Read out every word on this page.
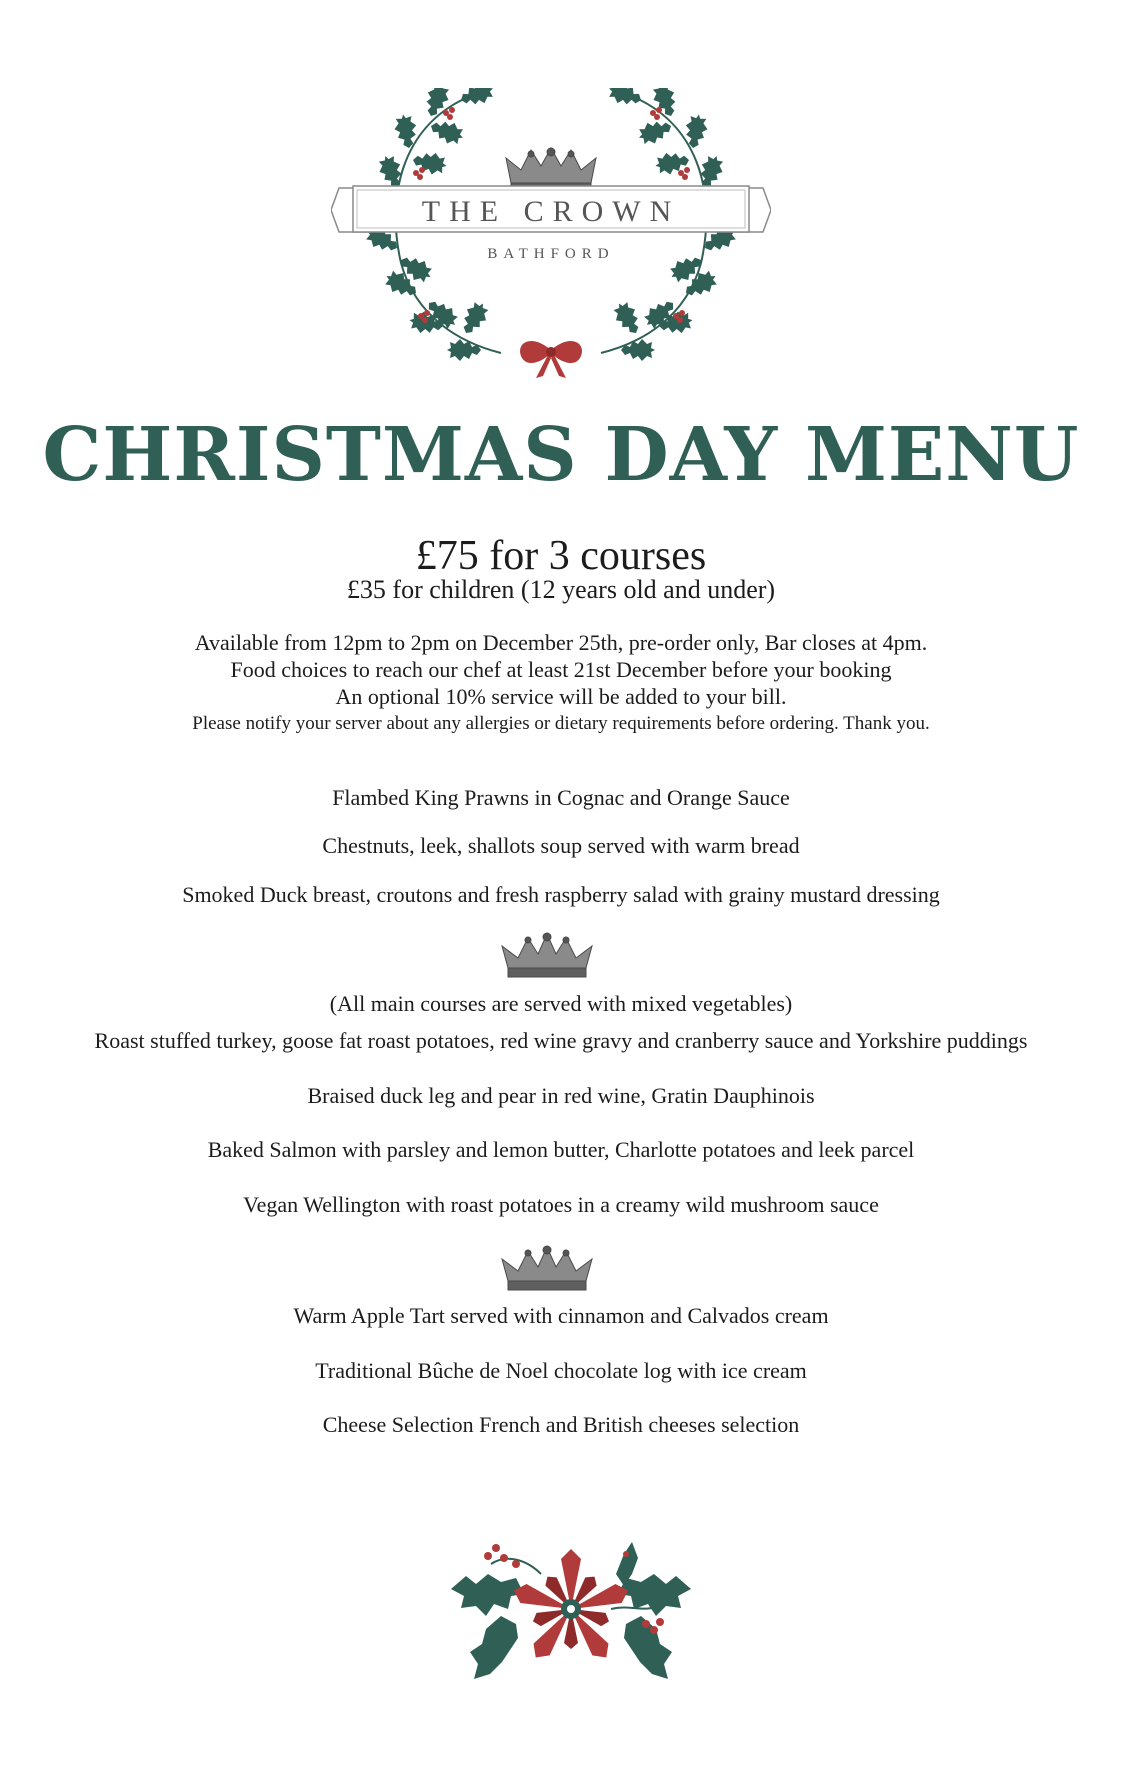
THE CROWN
BATHFORD
CHRISTMAS DAY MENU
£75 for 3 courses
£35 for children (12 years old and under)
Available from 12pm to 2pm on December 25th, pre-order only, Bar closes at 4pm.
Food choices to reach our chef at least 21st December before your booking
An optional 10% service will be added to your bill.
Please notify your server about any allergies or dietary requirements before ordering. Thank you.
Flambed King Prawns in Cognac and Orange Sauce
Chestnuts, leek, shallots soup served with warm bread
Smoked Duck breast, croutons and fresh raspberry salad with grainy mustard dressing
(All main courses are served with mixed vegetables)
Roast stuffed turkey, goose fat roast potatoes, red wine gravy and cranberry sauce and Yorkshire puddings
Braised duck leg and pear in red wine, Gratin Dauphinois
Baked Salmon with parsley and lemon butter, Charlotte potatoes and leek parcel
Vegan Wellington with roast potatoes in a creamy wild mushroom sauce
Warm Apple Tart served with cinnamon and Calvados cream
Traditional Bûche de Noel chocolate log with ice cream
Cheese Selection French and British cheeses selection
